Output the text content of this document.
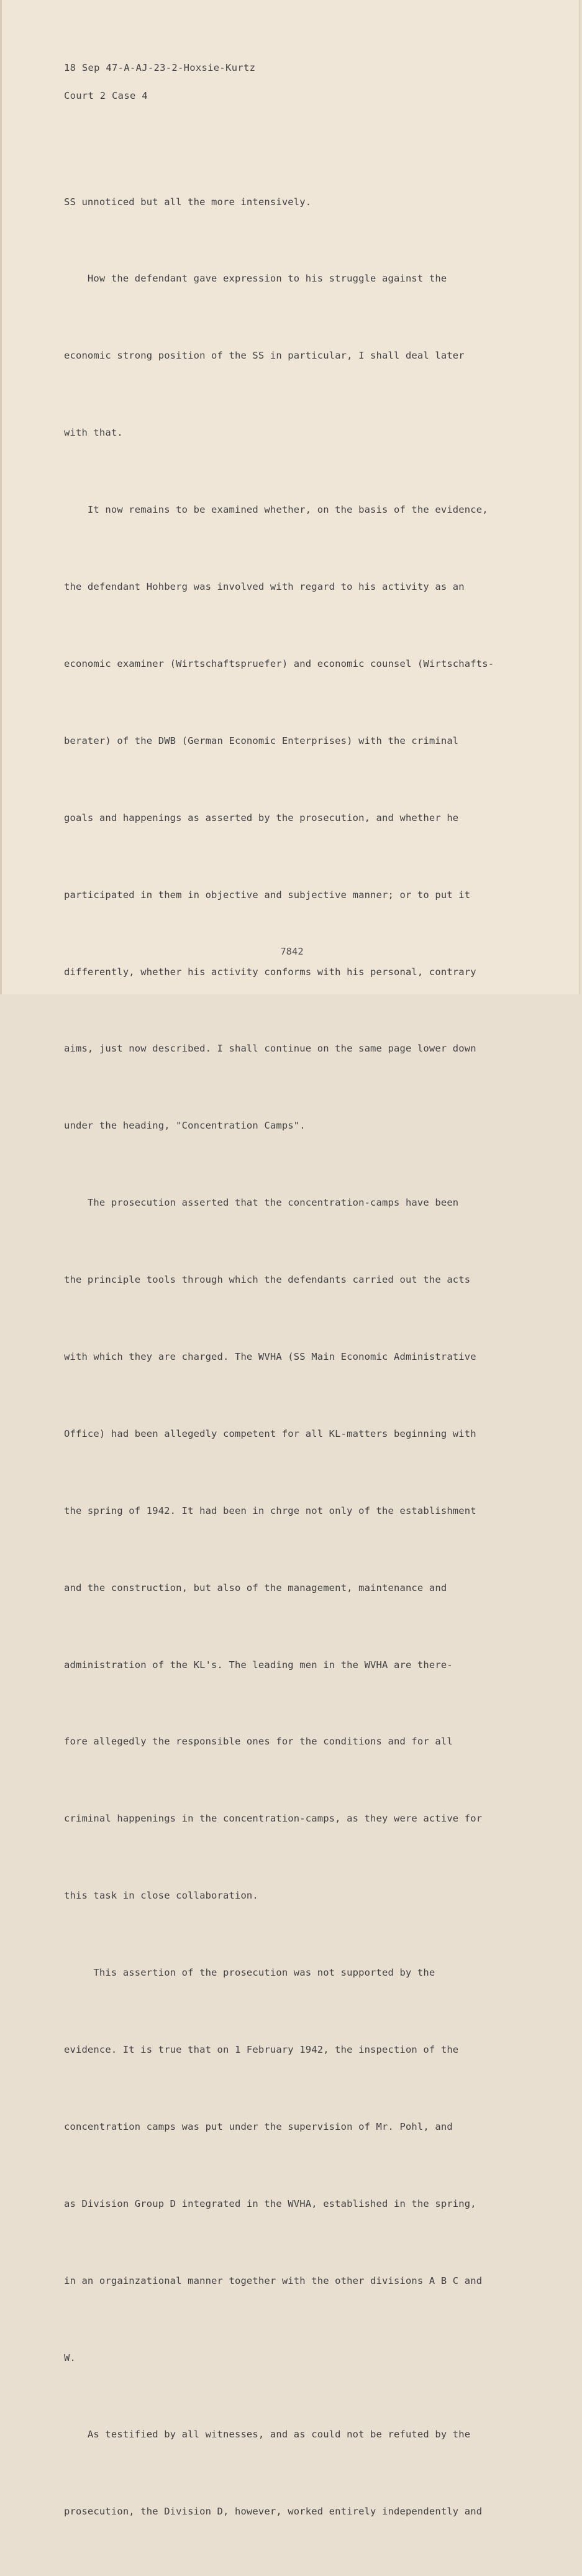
18 Sep 47-A-AJ-23-2-Hoxsie-Kurtz
Court 2 Case 4

SS unnoticed but all the more intensively.

How the defendant gave expression to his struggle against the

economic strong position of the SS in particular, I shall deal later

with that.

It now remains to be examined whether, on the basis of the evidence,

the defendant Hohberg was involved with regard to his activity as an

economic examiner (Wirtschaftspruefer) and economic counsel (Wirtschafts-

berater) of the DWB (German Economic Enterprises) with the criminal

goals and happenings as asserted by the prosecution, and whether he

participated in them in objective and subjective manner; or to put it

differently, whether his activity conforms with his personal, contrary

aims, just now described. I shall continue on the same page lower down

under the heading, "Concentration Camps".

The prosecution asserted that the concentration-camps have been

the principle tools through which the defendants carried out the acts

with which they are charged. The WVHA (SS Main Economic Administrative

Office) had been allegedly competent for all KL-matters beginning with

the spring of 1942. It had been in chrge not only of the establishment

and the construction, but also of the management, maintenance and

administration of the KL's. The leading men in the WVHA are there-

fore allegedly the responsible ones for the conditions and for all

criminal happenings in the concentration-camps, as they were active for

this task in close collaboration.

This assertion of the prosecution was not supported by the

evidence. It is true that on 1 February 1942, the inspection of the

concentration camps was put under the supervision of Mr. Pohl, and

as Division Group D integrated in the WVHA, established in the spring,

in an orgainzational manner together with the other divisions A B C and

W.

As testified by all witnesses, and as could not be refuted by the

prosecution, the Division D, however, worked entirely independently and

7842
